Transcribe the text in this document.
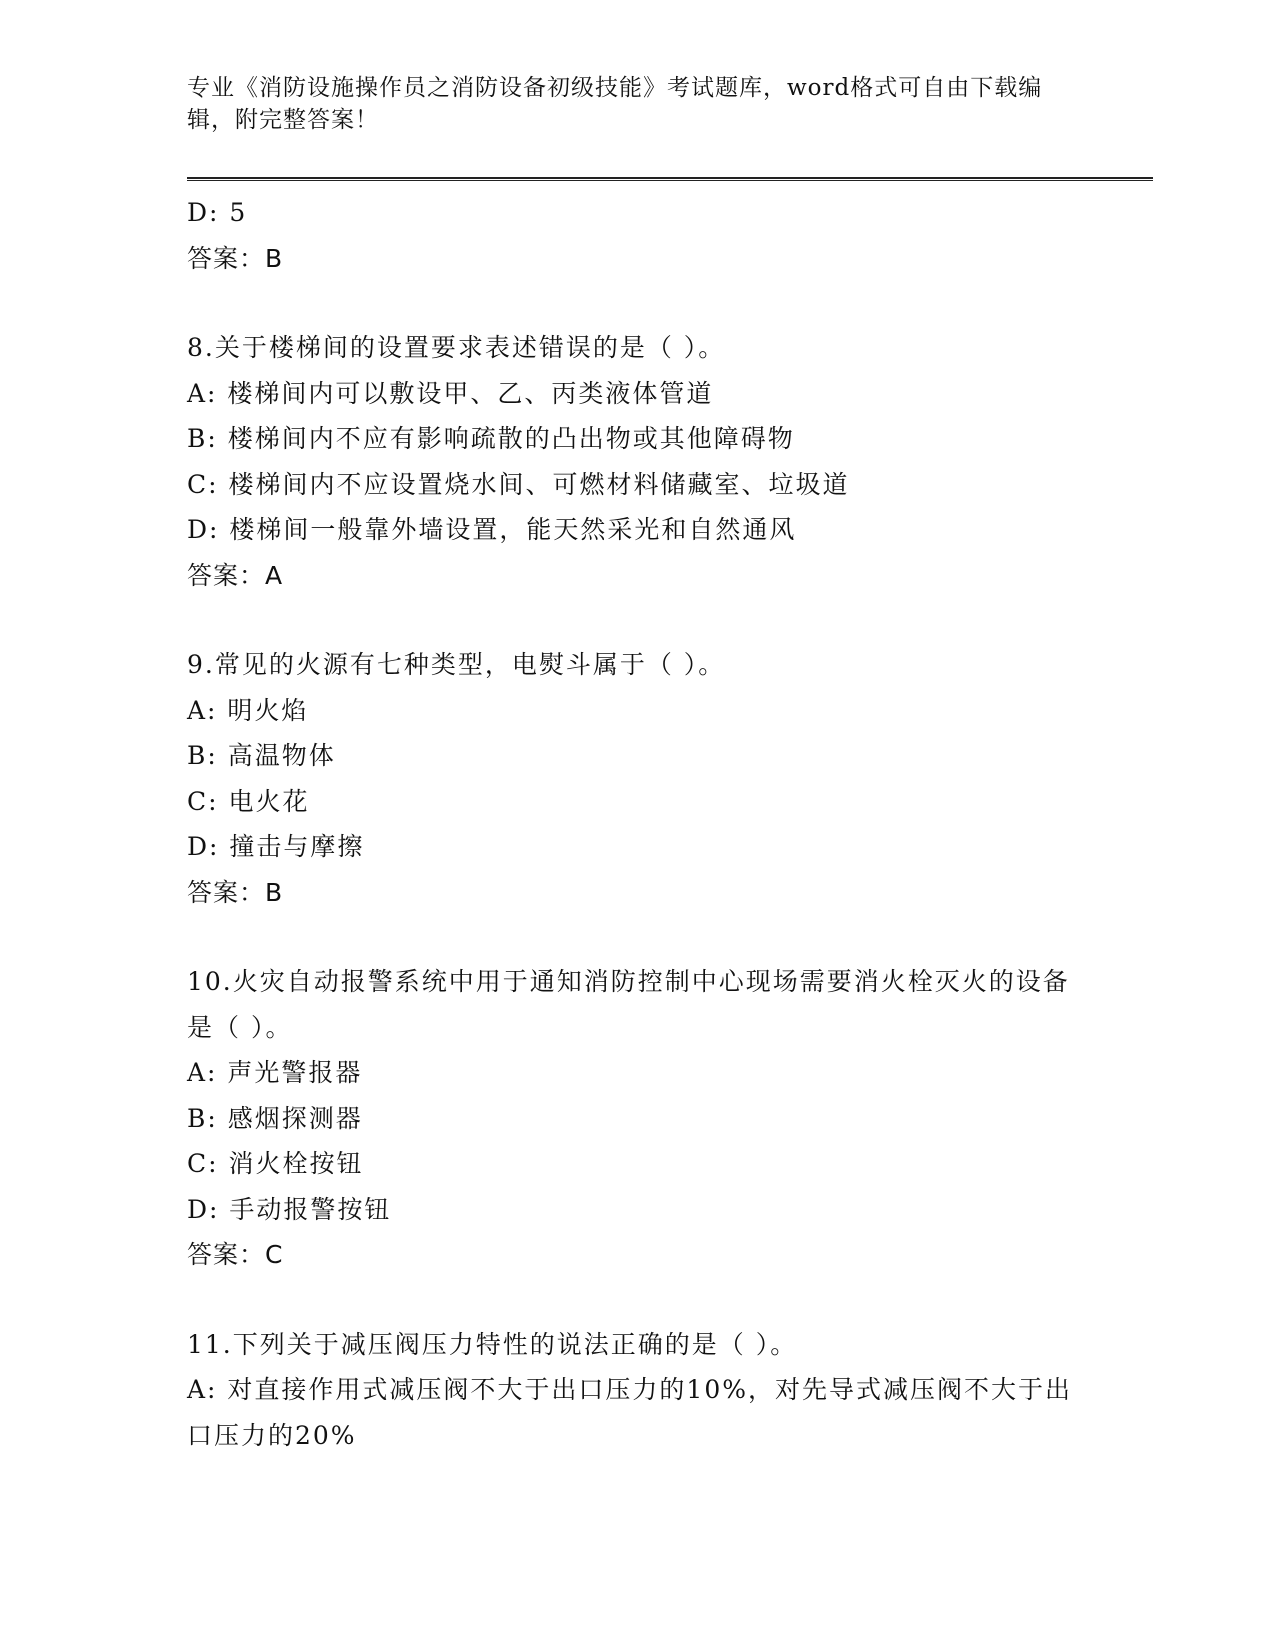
专业《消防设施操作员之消防设备初级技能》考试题库，word格式可自由下载编辑，附完整答案！
D: 5
答案：B
8.关于楼梯间的设置要求表述错误的是（ ）。
A: 楼梯间内可以敷设甲、乙、丙类液体管道
B: 楼梯间内不应有影响疏散的凸出物或其他障碍物
C: 楼梯间内不应设置烧水间、可燃材料储藏室、垃圾道
D: 楼梯间一般靠外墙设置，能天然采光和自然通风
答案：A
9.常见的火源有七种类型，电熨斗属于（ ）。
A: 明火焰
B: 高温物体
C: 电火花
D: 撞击与摩擦
答案：B
10.火灾自动报警系统中用于通知消防控制中心现场需要消火栓灭火的设备是（ ）。
A: 声光警报器
B: 感烟探测器
C: 消火栓按钮
D: 手动报警按钮
答案：C
11.下列关于减压阀压力特性的说法正确的是（ ）。
A: 对直接作用式减压阀不大于出口压力的10%，对先导式减压阀不大于出口压力的20%
